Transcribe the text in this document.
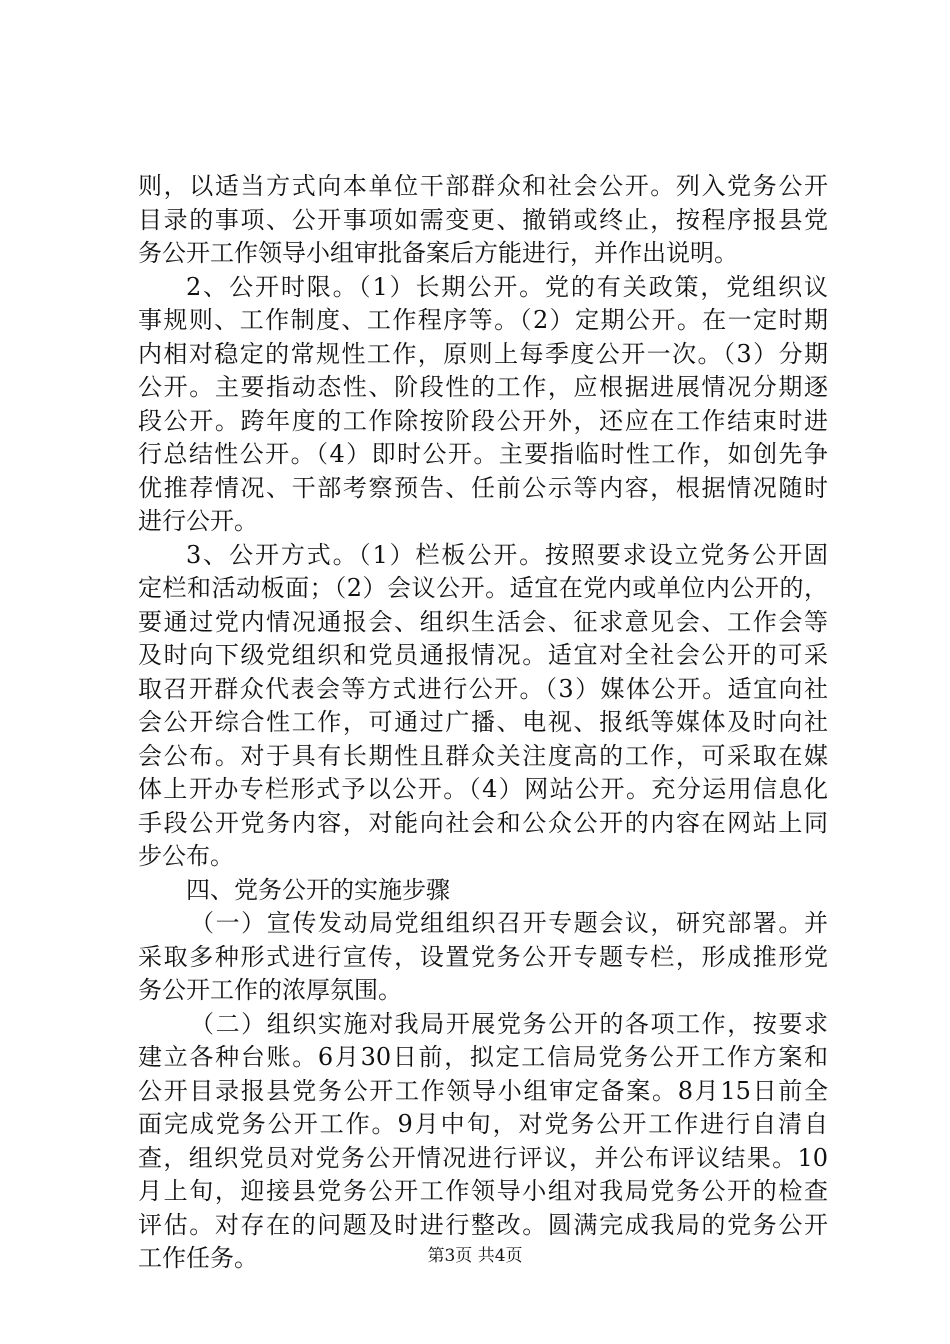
则，以适当方式向本单位干部群众和社会公开。列入党务公开
目录的事项、公开事项如需变更、撤销或终止，按程序报县党
务公开工作领导小组审批备案后方能进行，并作出说明。
2、公开时限。（1）长期公开。党的有关政策，党组织议
事规则、工作制度、工作程序等。（2）定期公开。在一定时期
内相对稳定的常规性工作，原则上每季度公开一次。（3）分期
公开。主要指动态性、阶段性的工作，应根据进展情况分期逐
段公开。跨年度的工作除按阶段公开外，还应在工作结束时进
行总结性公开。（4）即时公开。主要指临时性工作，如创先争
优推荐情况、干部考察预告、任前公示等内容，根据情况随时
进行公开。
3、公开方式。（1）栏板公开。按照要求设立党务公开固
定栏和活动板面；（2）会议公开。适宜在党内或单位内公开的，
要通过党内情况通报会、组织生活会、征求意见会、工作会等
及时向下级党组织和党员通报情况。适宜对全社会公开的可采
取召开群众代表会等方式进行公开。（3）媒体公开。适宜向社
会公开综合性工作，可通过广播、电视、报纸等媒体及时向社
会公布。对于具有长期性且群众关注度高的工作，可采取在媒
体上开办专栏形式予以公开。（4）网站公开。充分运用信息化
手段公开党务内容，对能向社会和公众公开的内容在网站上同
步公布。
四、党务公开的实施步骤
（一）宣传发动局党组组织召开专题会议，研究部署。并
采取多种形式进行宣传，设置党务公开专题专栏，形成推形党
务公开工作的浓厚氛围。
（二）组织实施对我局开展党务公开的各项工作，按要求
建立各种台账。6月30日前，拟定工信局党务公开工作方案和
公开目录报县党务公开工作领导小组审定备案。8月15日前全
面完成党务公开工作。9月中旬，对党务公开工作进行自清自
查，组织党员对党务公开情况进行评议，并公布评议结果。10
月上旬，迎接县党务公开工作领导小组对我局党务公开的检查
评估。对存在的问题及时进行整改。圆满完成我局的党务公开
工作任务。	第3页 共4页
